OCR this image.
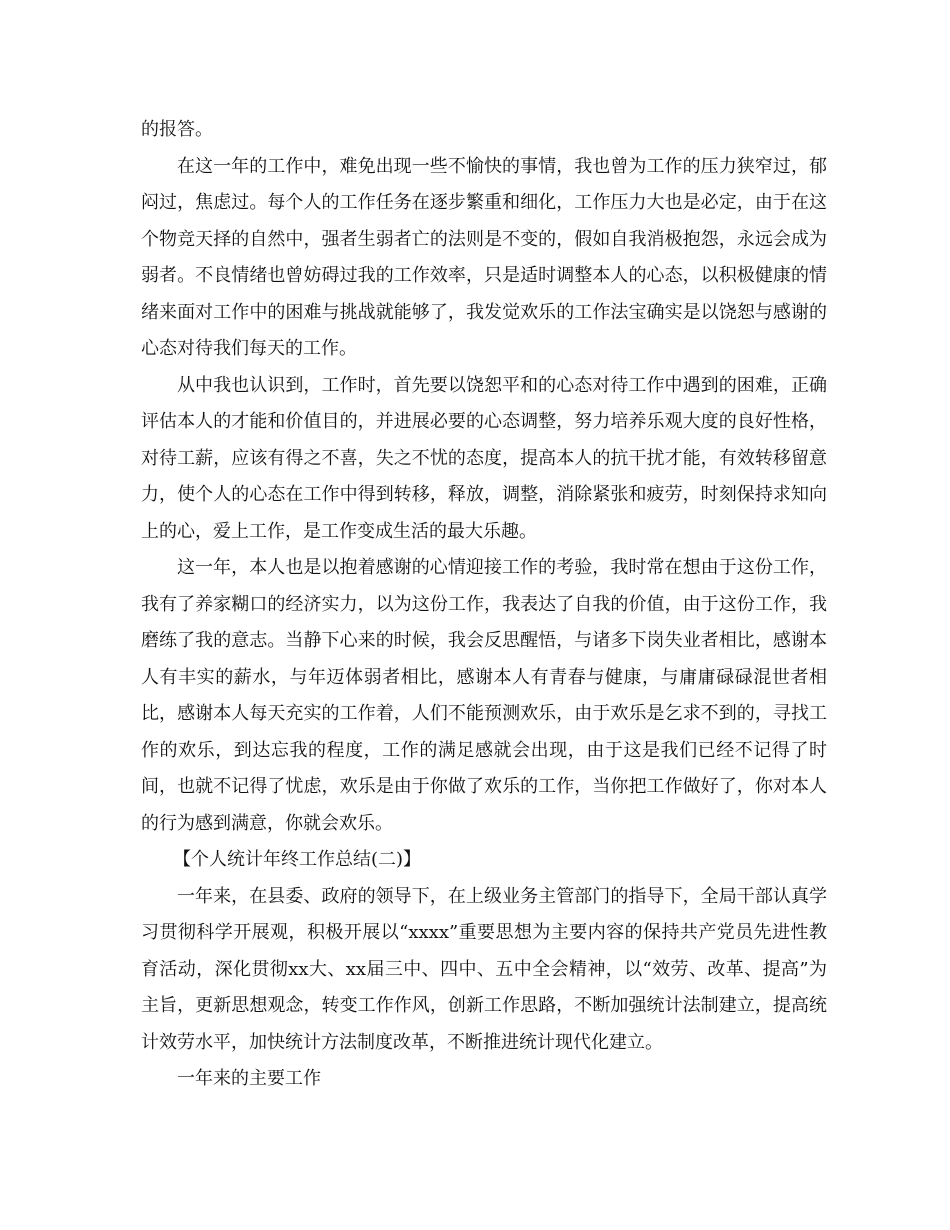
的报答。

在这一年的工作中，难免出现一些不愉快的事情，我也曾为工作的压力狭窄过，郁闷过，焦虑过。每个人的工作任务在逐步繁重和细化，工作压力大也是必定，由于在这个物竞天择的自然中，强者生弱者亡的法则是不变的，假如自我消极抱怨，永远会成为弱者。不良情绪也曾妨碍过我的工作效率，只是适时调整本人的心态，以积极健康的情绪来面对工作中的困难与挑战就能够了，我发觉欢乐的工作法宝确实是以饶恕与感谢的心态对待我们每天的工作。

从中我也认识到，工作时，首先要以饶恕平和的心态对待工作中遇到的困难，正确评估本人的才能和价值目的，并进展必要的心态调整，努力培养乐观大度的良好性格，对待工薪，应该有得之不喜，失之不忧的态度，提高本人的抗干扰才能，有效转移留意力，使个人的心态在工作中得到转移，释放，调整，消除紧张和疲劳，时刻保持求知向上的心，爱上工作，是工作变成生活的最大乐趣。

这一年，本人也是以抱着感谢的心情迎接工作的考验，我时常在想由于这份工作，我有了养家糊口的经济实力，以为这份工作，我表达了自我的价值，由于这份工作，我磨练了我的意志。当静下心来的时候，我会反思醒悟，与诸多下岗失业者相比，感谢本人有丰实的薪水，与年迈体弱者相比，感谢本人有青春与健康，与庸庸碌碌混世者相比，感谢本人每天充实的工作着，人们不能预测欢乐，由于欢乐是乞求不到的，寻找工作的欢乐，到达忘我的程度，工作的满足感就会出现，由于这是我们已经不记得了时间，也就不记得了忧虑，欢乐是由于你做了欢乐的工作，当你把工作做好了，你对本人的行为感到满意，你就会欢乐。

【个人统计年终工作总结(二)】

一年来，在县委、政府的领导下，在上级业务主管部门的指导下，全局干部认真学习贯彻科学开展观，积极开展以“xxxx”重要思想为主要内容的保持共产党员先进性教育活动，深化贯彻xx大、xx届三中、四中、五中全会精神，以“效劳、改革、提高”为主旨，更新思想观念，转变工作作风，创新工作思路，不断加强统计法制建立，提高统计效劳水平，加快统计方法制度改革，不断推进统计现代化建立。

一年来的主要工作
